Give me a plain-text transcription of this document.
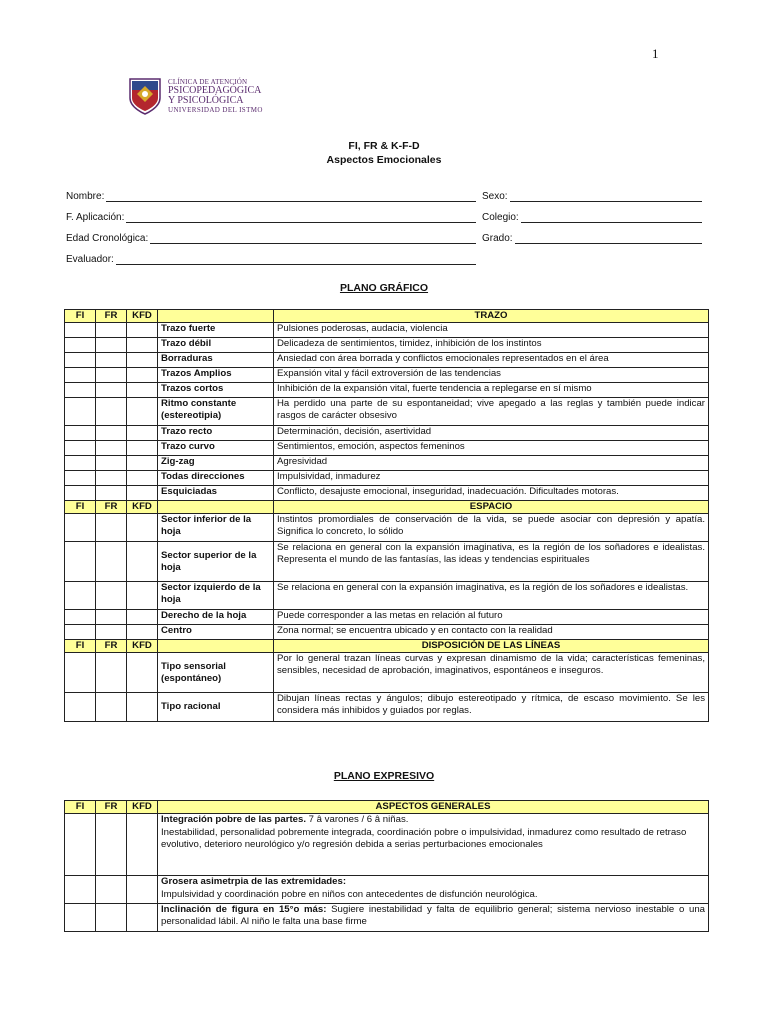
1
CLÍNICA DE ATENCIÓN
PSICOPEDAGÓGICA
Y PSICOLÓGICA
UNIVERSIDAD DEL ISTMO
FI, FR & K-F-D
Aspectos Emocionales
Nombre:	Sexo:
F. Aplicación:	Colegio:
Edad Cronológica:	Grado:
Evaluador:
PLANO GRÁFICO
FI	FR	KFD		TRAZO
			Trazo fuerte	Pulsiones poderosas, audacia, violencia
			Trazo débil	Delicadeza de sentimientos, timidez, inhibición de los instintos
			Borraduras	Ansiedad con área borrada y conflictos emocionales representados en el área
			Trazos Amplios	Expansión vital y fácil extroversión de las tendencias
			Trazos cortos	Inhibición de la expansión vital, fuerte tendencia a replegarse en sí mismo
			Ritmo constante (estereotipia)	Ha perdido una parte de su espontaneidad; vive apegado a las reglas y también puede indicar rasgos de carácter obsesivo
			Trazo recto	Determinación, decisión, asertividad
			Trazo curvo	Sentimientos, emoción, aspectos femeninos
			Zig-zag	Agresividad
			Todas direcciones	Impulsividad, inmadurez
			Esquiciadas	Conflicto, desajuste emocional, inseguridad, inadecuación. Dificultades motoras.
FI	FR	KFD		ESPACIO
			Sector inferior de la hoja	Instintos promordiales de conservación de la vida, se puede asociar con depresión y apatía. Significa lo concreto, lo sólido
			Sector superior de la hoja	Se relaciona en general con la expansión imaginativa, es la región de los soñadores e idealistas. Representa el mundo de las fantasías, las ideas y tendencias espirituales
			Sector izquierdo de la hoja	Se relaciona en general con la expansión imaginativa, es la región de los soñadores e idealistas.
			Derecho de la hoja	Puede corresponder a las metas en relación al futuro
			Centro	Zona normal; se encuentra ubicado y en contacto con la realidad
FI	FR	KFD		DISPOSICIÓN DE LAS LÍNEAS
			Tipo sensorial (espontáneo)	Por lo general trazan líneas curvas y expresan dinamismo de la vida; características femeninas, sensibles, necesidad de aprobación, imaginativos, espontáneos e inseguros.
			Tipo racional	Dibujan líneas rectas y ángulos; dibujo estereotipado y rítmica, de escaso movimiento. Se les considera más inhibidos y guiados por reglas.
PLANO EXPRESIVO
FI	FR	KFD	ASPECTOS GENERALES
			Integración pobre de las partes. 7 â varones / 6 â niñas.
Inestabilidad, personalidad pobremente integrada, coordinación pobre o impulsividad, inmadurez como resultado de retraso evolutivo, deterioro neurológico y/o regresión debida a serias perturbaciones emocionales

			Grosera asimetrpia de las extremidades:
Impulsividad y coordinación pobre en niños con antecedentes de disfunción neurológica.

			Inclinación de figura en 15°o más: Sugiere inestabilidad y falta de equilibrio general; sistema nervioso inestable o una personalidad lábil. Al niño le falta una base firme
